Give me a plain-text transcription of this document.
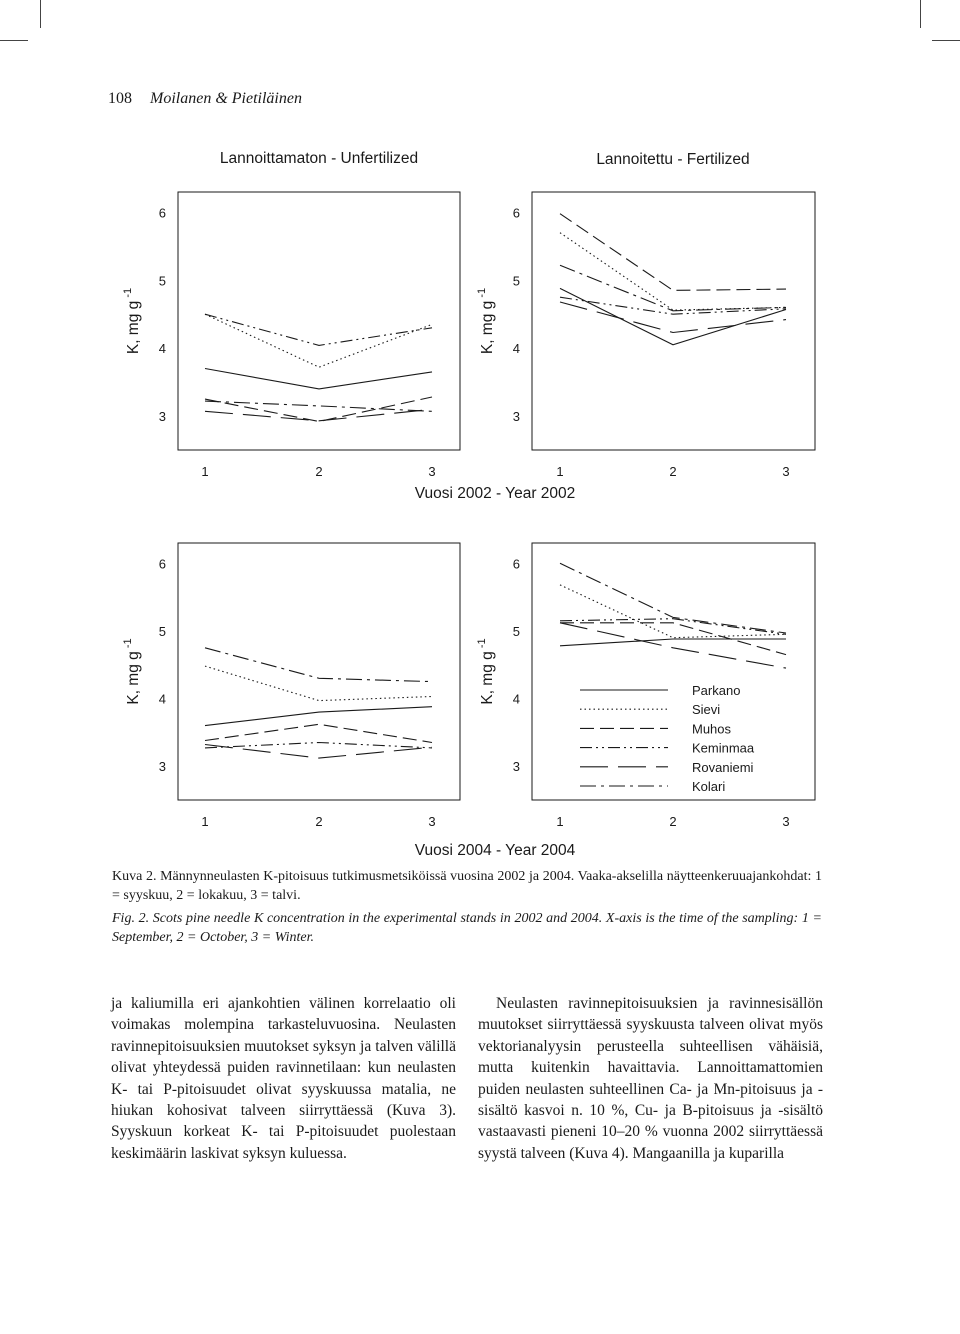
108 Moilanen & Pietiläinen
Lannoittamaton - Unfertilized	Lannoitettu - Fertilized
Vuosi 2002 - Year 2002
Vuosi 2004 - Year 2004
3
4
5
6
1	2	3
K, mg g $^{-1}$
3
4
5
6
1	2	3
K, mg g $^{-1}$
3
4
5
6
1	2	3
K, mg g $^{-1}$
3
4
5
6
1	2	3
K, mg g $^{-1}$
Parkano
Sievi
Muhos
Keminmaa
Rovaniemi
Kolari
Kuva 2. Männynneulasten K-pitoisuus tutkimusmetsiköissä vuosina 2002 ja 2004. Vaaka-akselilla näytteenkeruuajankohdat: 1 = syyskuu, 2 = lokakuu, 3 = talvi.
Fig. 2. Scots pine needle K concentration in the experimental stands in 2002 and 2004. X-axis is the time of the sampling: 1 = September, 2 = October, 3 = Winter.

ja kaliumilla eri ajankohtien välinen korrelaatio oli voimakas molempina tarkasteluvuosina. Neulasten ravinnepitoisuuksien muutokset syksyn ja talven välillä olivat yhteydessä puiden ravinnetilaan: kun neulasten K- tai P-pitoisuudet olivat syyskuussa matalia, ne hiukan kohosivat talveen siirryttäessä (Kuva 3). Syyskuun korkeat K- tai P-pitoisuudet puolestaan keskimäärin laskivat syksyn kuluessa.

Neulasten ravinnepitoisuuksien ja ravinnesisällön muutokset siirryttäessä syyskuusta talveen olivat myös vektorianalyysin perusteella suhteellisen vähäisiä, mutta kuitenkin havaittavia. Lannoittamattomien puiden neulasten suhteellinen Ca- ja Mn-pitoisuus ja -sisältö kasvoi n. 10 %, Cu- ja B-pitoisuus ja -sisältö vastaavasti pieneni 10–20 % vuonna 2002 siirryttäessä syystä talveen (Kuva 4). Mangaanilla ja kuparilla
